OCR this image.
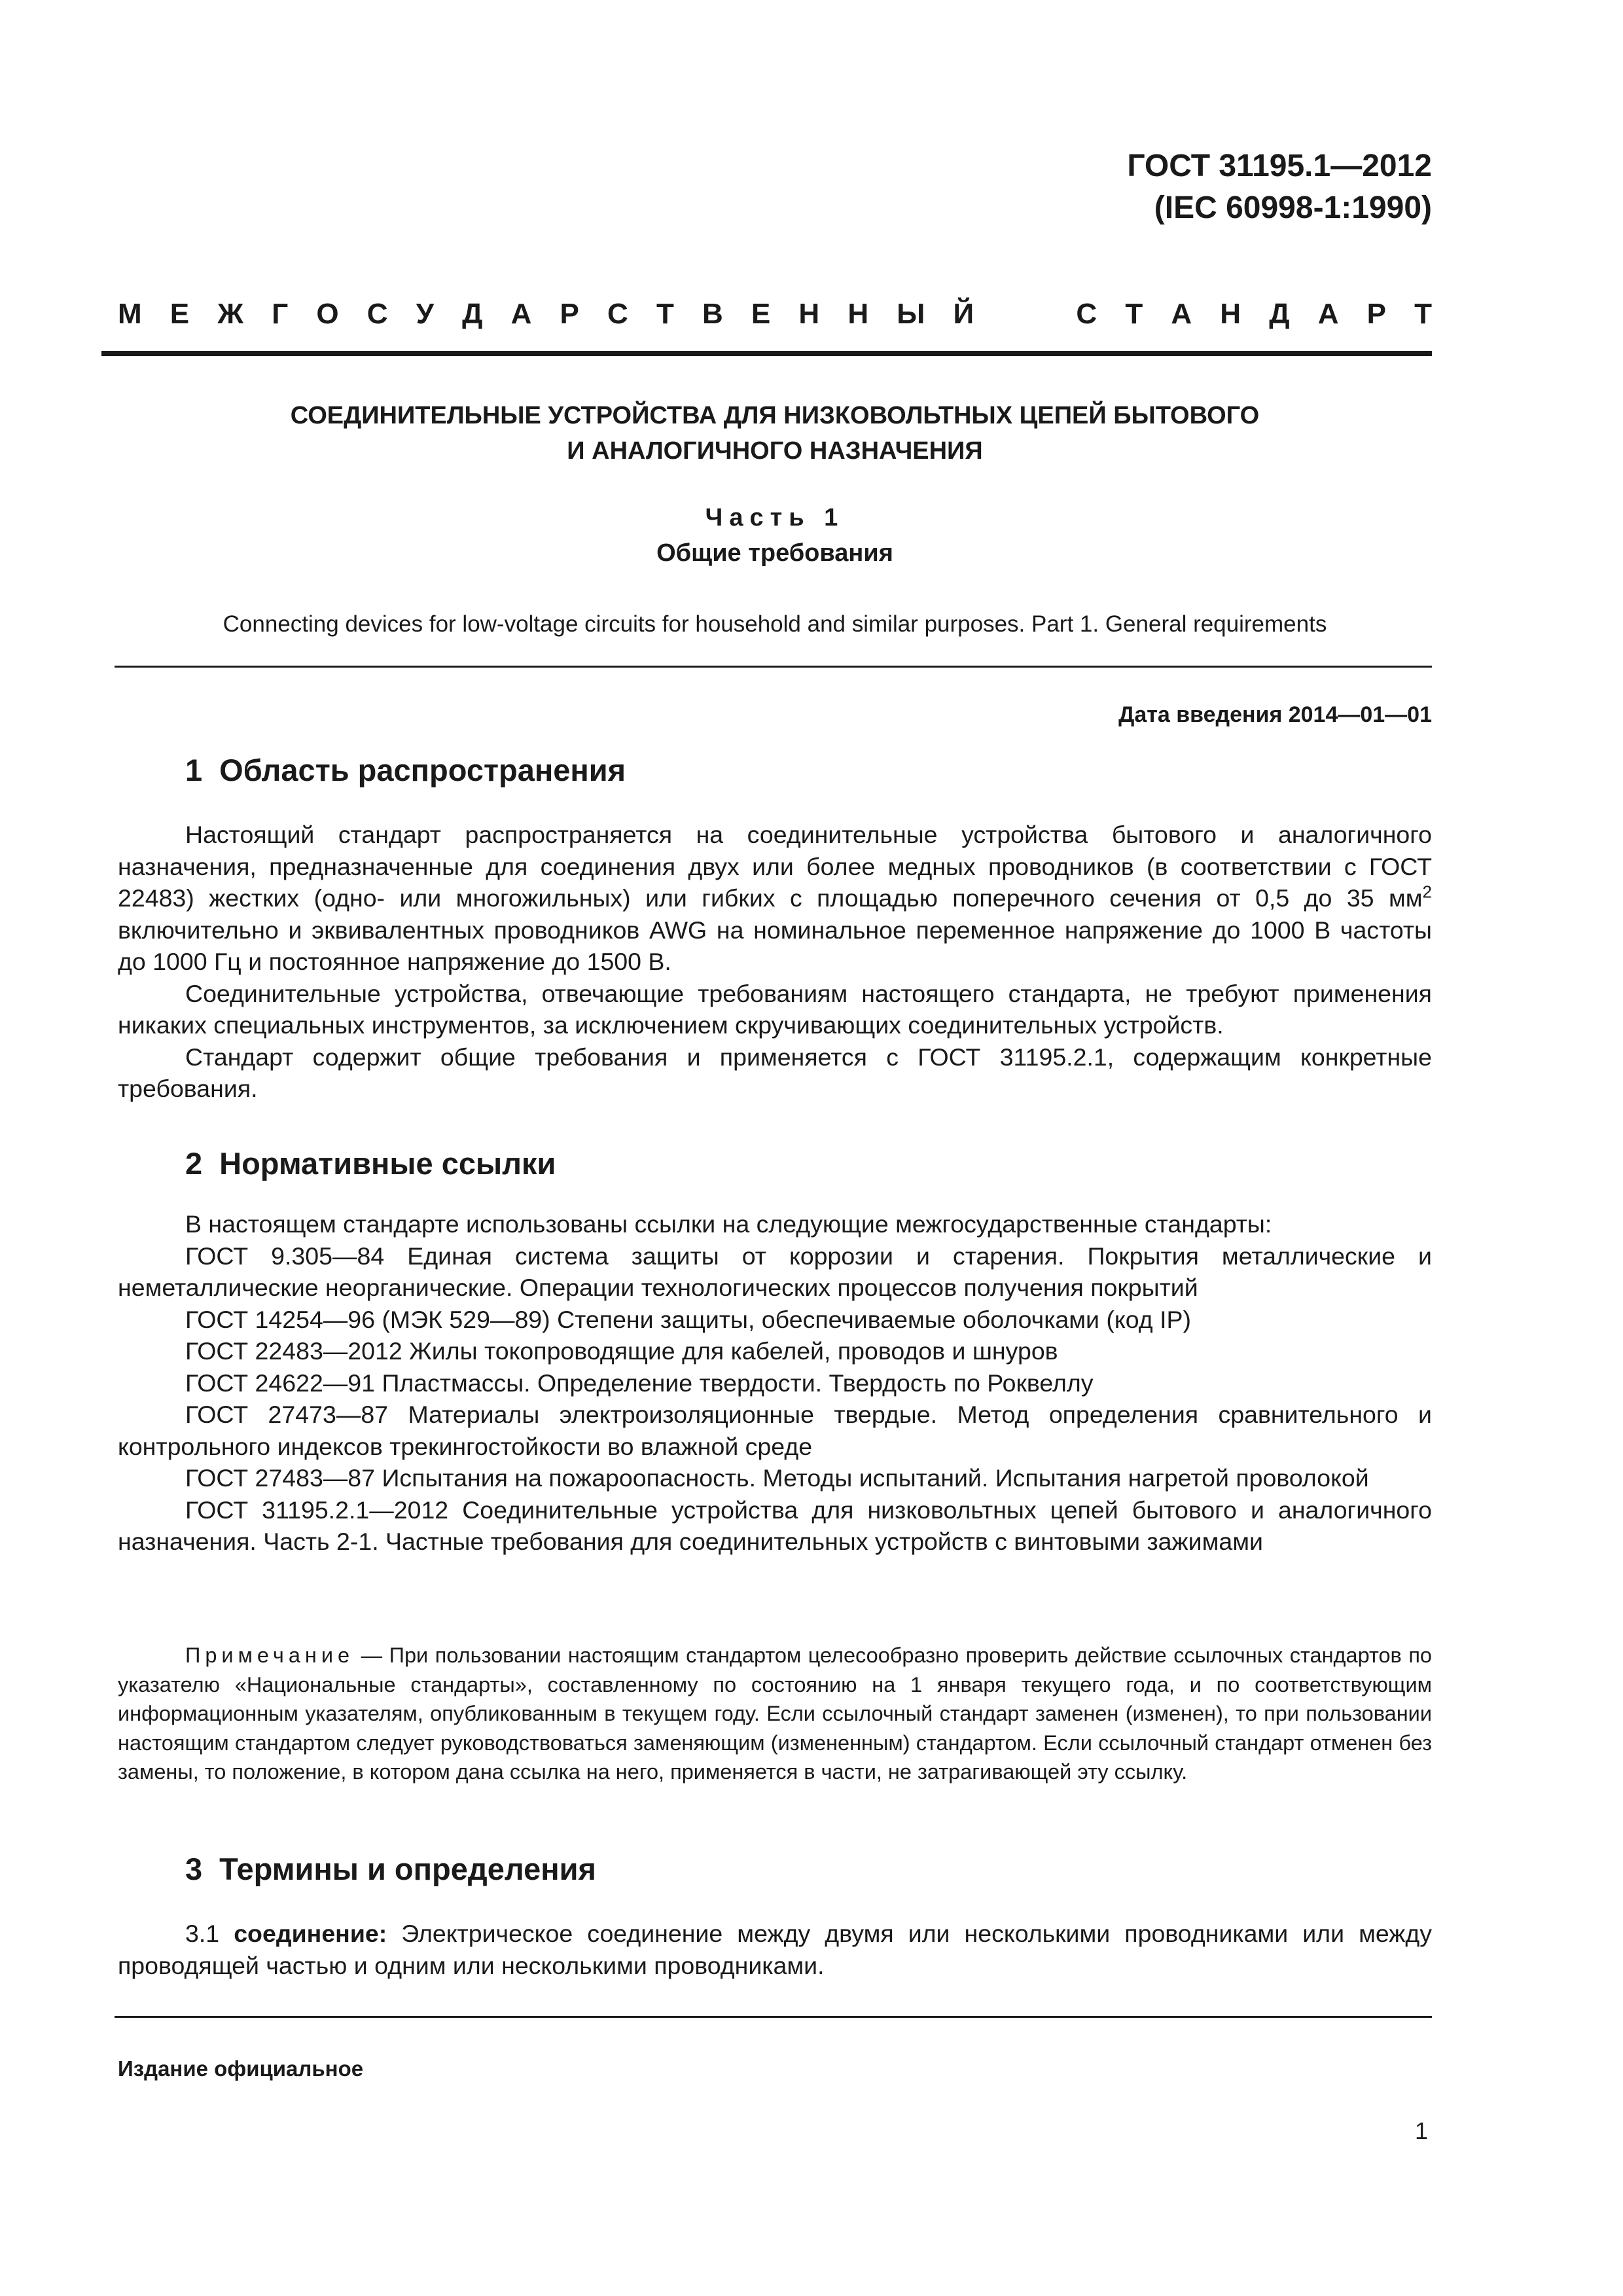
ГОСТ 31195.1—2012
(IEC 60998-1:1990)
М Е Ж Г О С У Д А Р С Т В Е Н Н Ы Й	С Т А Н Д А Р Т
СОЕДИНИТЕЛЬНЫЕ УСТРОЙСТВА ДЛЯ НИЗКОВОЛЬТНЫХ ЦЕПЕЙ БЫТОВОГО
И АНАЛОГИЧНОГО НАЗНАЧЕНИЯ
Часть 1
Общие требования
Connecting devices for low-voltage circuits for household and similar purposes. Part 1. General requirements
Дата введения 2014—01—01
1 Область распространения

Настоящий стандарт распространяется на соединительные устройства бытового и аналогичного назначения, предназначенные для соединения двух или более медных проводников (в соответствии с ГОСТ 22483) жестких (одно- или многожильных) или гибких с площадью поперечного сечения от 0,5 до 35 $мм^2$ включительно и эквивалентных проводников AWG на номинальное переменное напряжение до 1000 В частоты до 1000 Гц и постоянное напряжение до 1500 В.

Соединительные устройства, отвечающие требованиям настоящего стандарта, не требуют применения никаких специальных инструментов, за исключением скручивающих соединительных устройств.

Стандарт содержит общие требования и применяется с ГОСТ 31195.2.1, содержащим конкретные требования.

2 Нормативные ссылки

В настоящем стандарте использованы ссылки на следующие межгосударственные стандарты:

ГОСТ 9.305—84 Единая система защиты от коррозии и старения. Покрытия металлические и неметаллические неорганические. Операции технологических процессов получения покрытий

ГОСТ 14254—96 (МЭК 529—89) Степени защиты, обеспечиваемые оболочками (код IP)

ГОСТ 22483—2012 Жилы токопроводящие для кабелей, проводов и шнуров

ГОСТ 24622—91 Пластмассы. Определение твердости. Твердость по Роквеллу

ГОСТ 27473—87 Материалы электроизоляционные твердые. Метод определения сравнительного и контрольного индексов трекингостойкости во влажной среде

ГОСТ 27483—87 Испытания на пожароопасность. Методы испытаний. Испытания нагретой проволокой

ГОСТ 31195.2.1—2012 Соединительные устройства для низковольтных цепей бытового и аналогичного назначения. Часть 2-1. Частные требования для соединительных устройств с винтовыми зажимами

Примечание — При пользовании настоящим стандартом целесообразно проверить действие ссылочных стандартов по указателю «Национальные стандарты», составленному по состоянию на 1 января текущего года, и по соответствующим информационным указателям, опубликованным в текущем году. Если ссылочный стандарт заменен (изменен), то при пользовании настоящим стандартом следует руководствоваться заменяющим (измененным) стандартом. Если ссылочный стандарт отменен без замены, то положение, в котором дана ссылка на него, применяется в части, не затрагивающей эту ссылку.

3 Термины и определения

3.1 соединение: Электрическое соединение между двумя или несколькими проводниками или между проводящей частью и одним или несколькими проводниками.

Издание официальное
1
